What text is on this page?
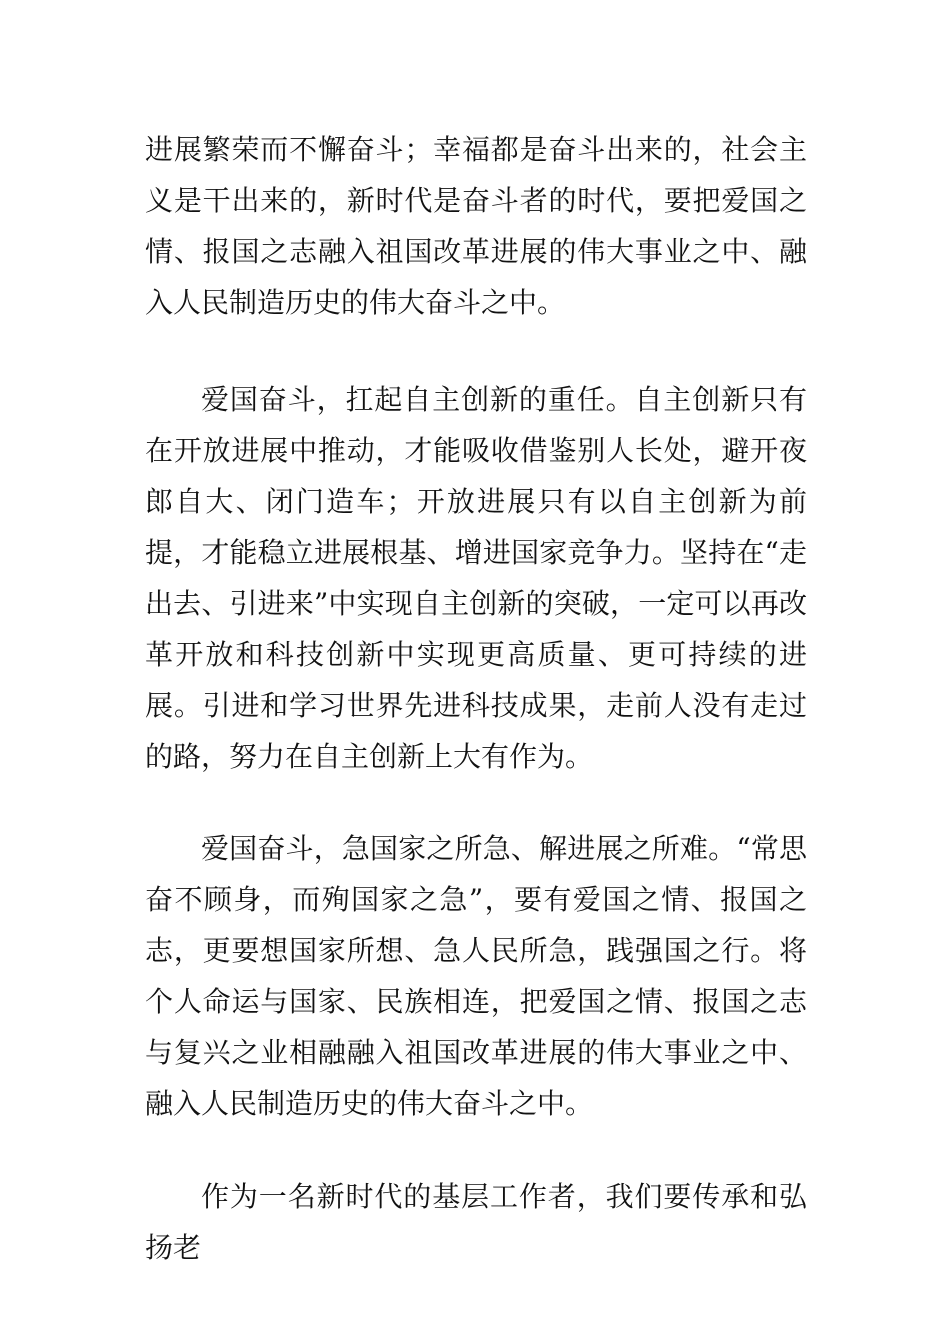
进展繁荣而不懈奋斗；幸福都是奋斗出来的，社会主义是干出来的，新时代是奋斗者的时代，要把爱国之情、报国之志融入祖国改革进展的伟大事业之中、融入人民制造历史的伟大奋斗之中。

爱国奋斗，扛起自主创新的重任。自主创新只有在开放进展中推动，才能吸收借鉴别人长处，避开夜郎自大、闭门造车；开放进展只有以自主创新为前提，才能稳立进展根基、增进国家竞争力。坚持在“走出去、引进来”中实现自主创新的突破，一定可以再改革开放和科技创新中实现更高质量、更可持续的进展。引进和学习世界先进科技成果，走前人没有走过的路，努力在自主创新上大有作为。

爱国奋斗，急国家之所急、解进展之所难。“常思奋不顾身，而殉国家之急”，要有爱国之情、报国之志，更要想国家所想、急人民所急，践强国之行。将个人命运与国家、民族相连，把爱国之情、报国之志与复兴之业相融融入祖国改革进展的伟大事业之中、融入人民制造历史的伟大奋斗之中。

作为一名新时代的基层工作者，我们要传承和弘扬老
